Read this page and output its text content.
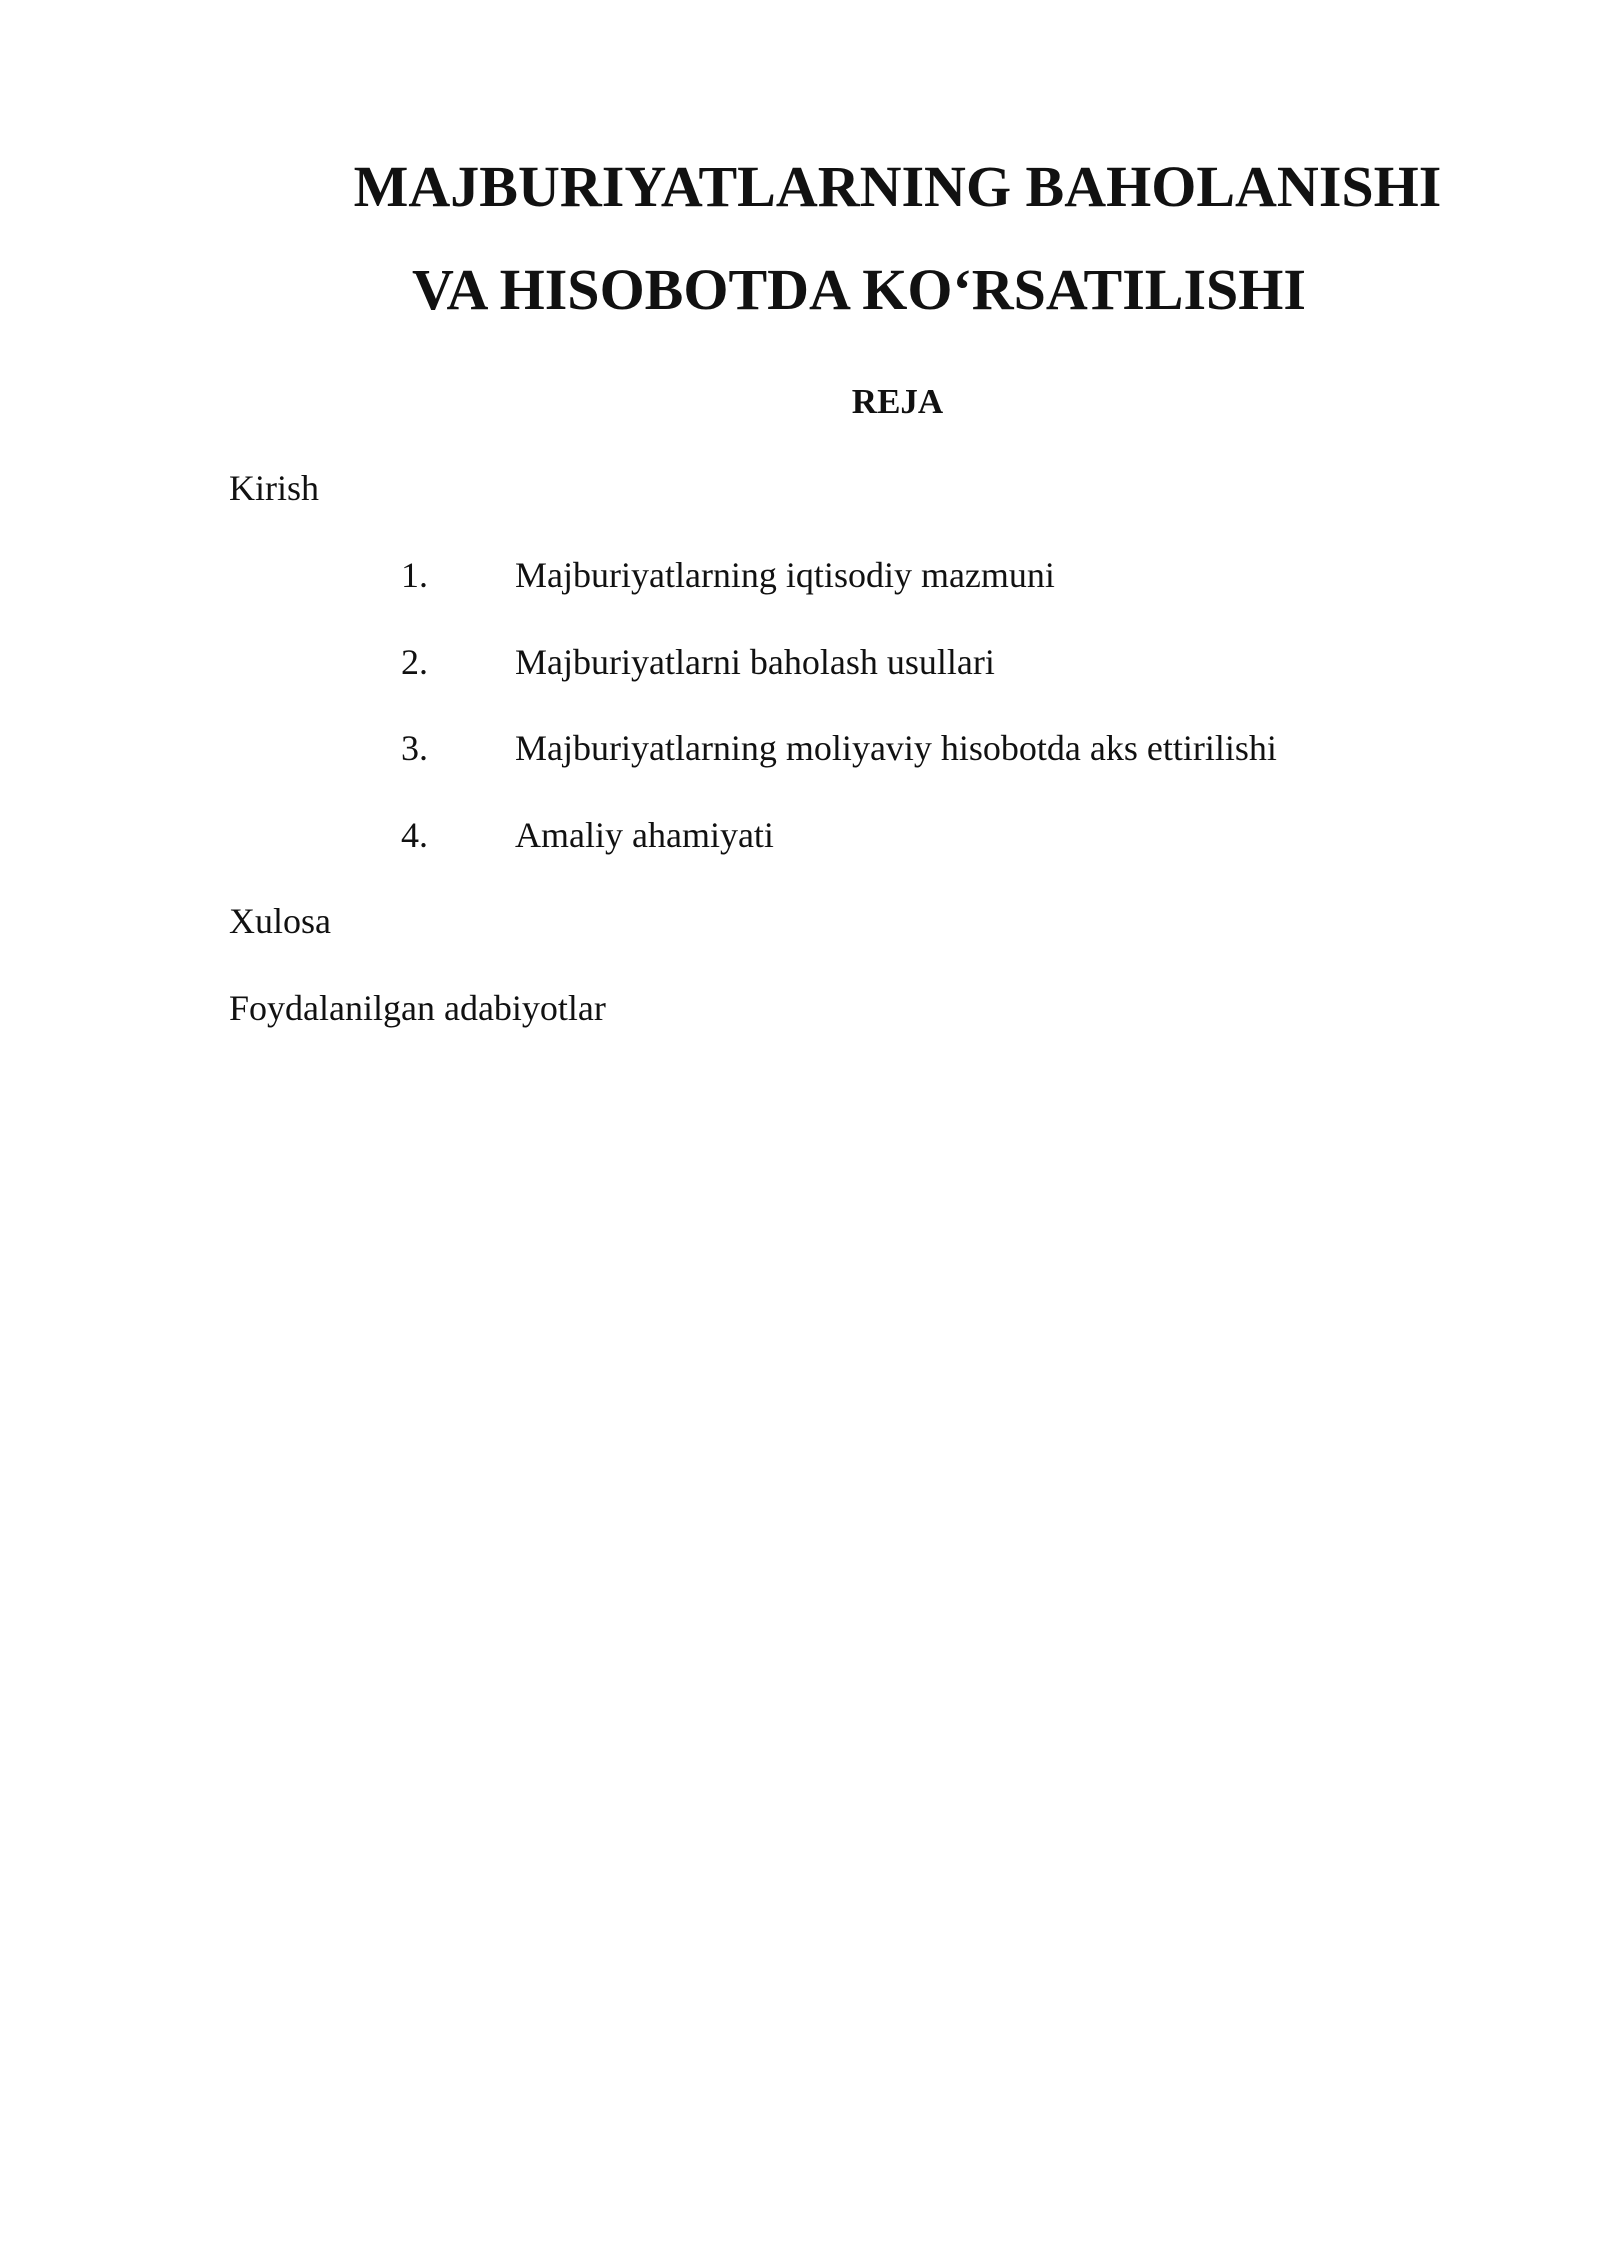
MAJBURIYATLARNING BAHOLANISHI
VA HISOBOTDA KO‘RSATILISHI
REJA
Kirish
1. Majburiyatlarning iqtisodiy mazmuni
2. Majburiyatlarni baholash usullari
3. Majburiyatlarning moliyaviy hisobotda aks ettirilishi
4. Amaliy ahamiyati
Xulosa
Foydalanilgan adabiyotlar
